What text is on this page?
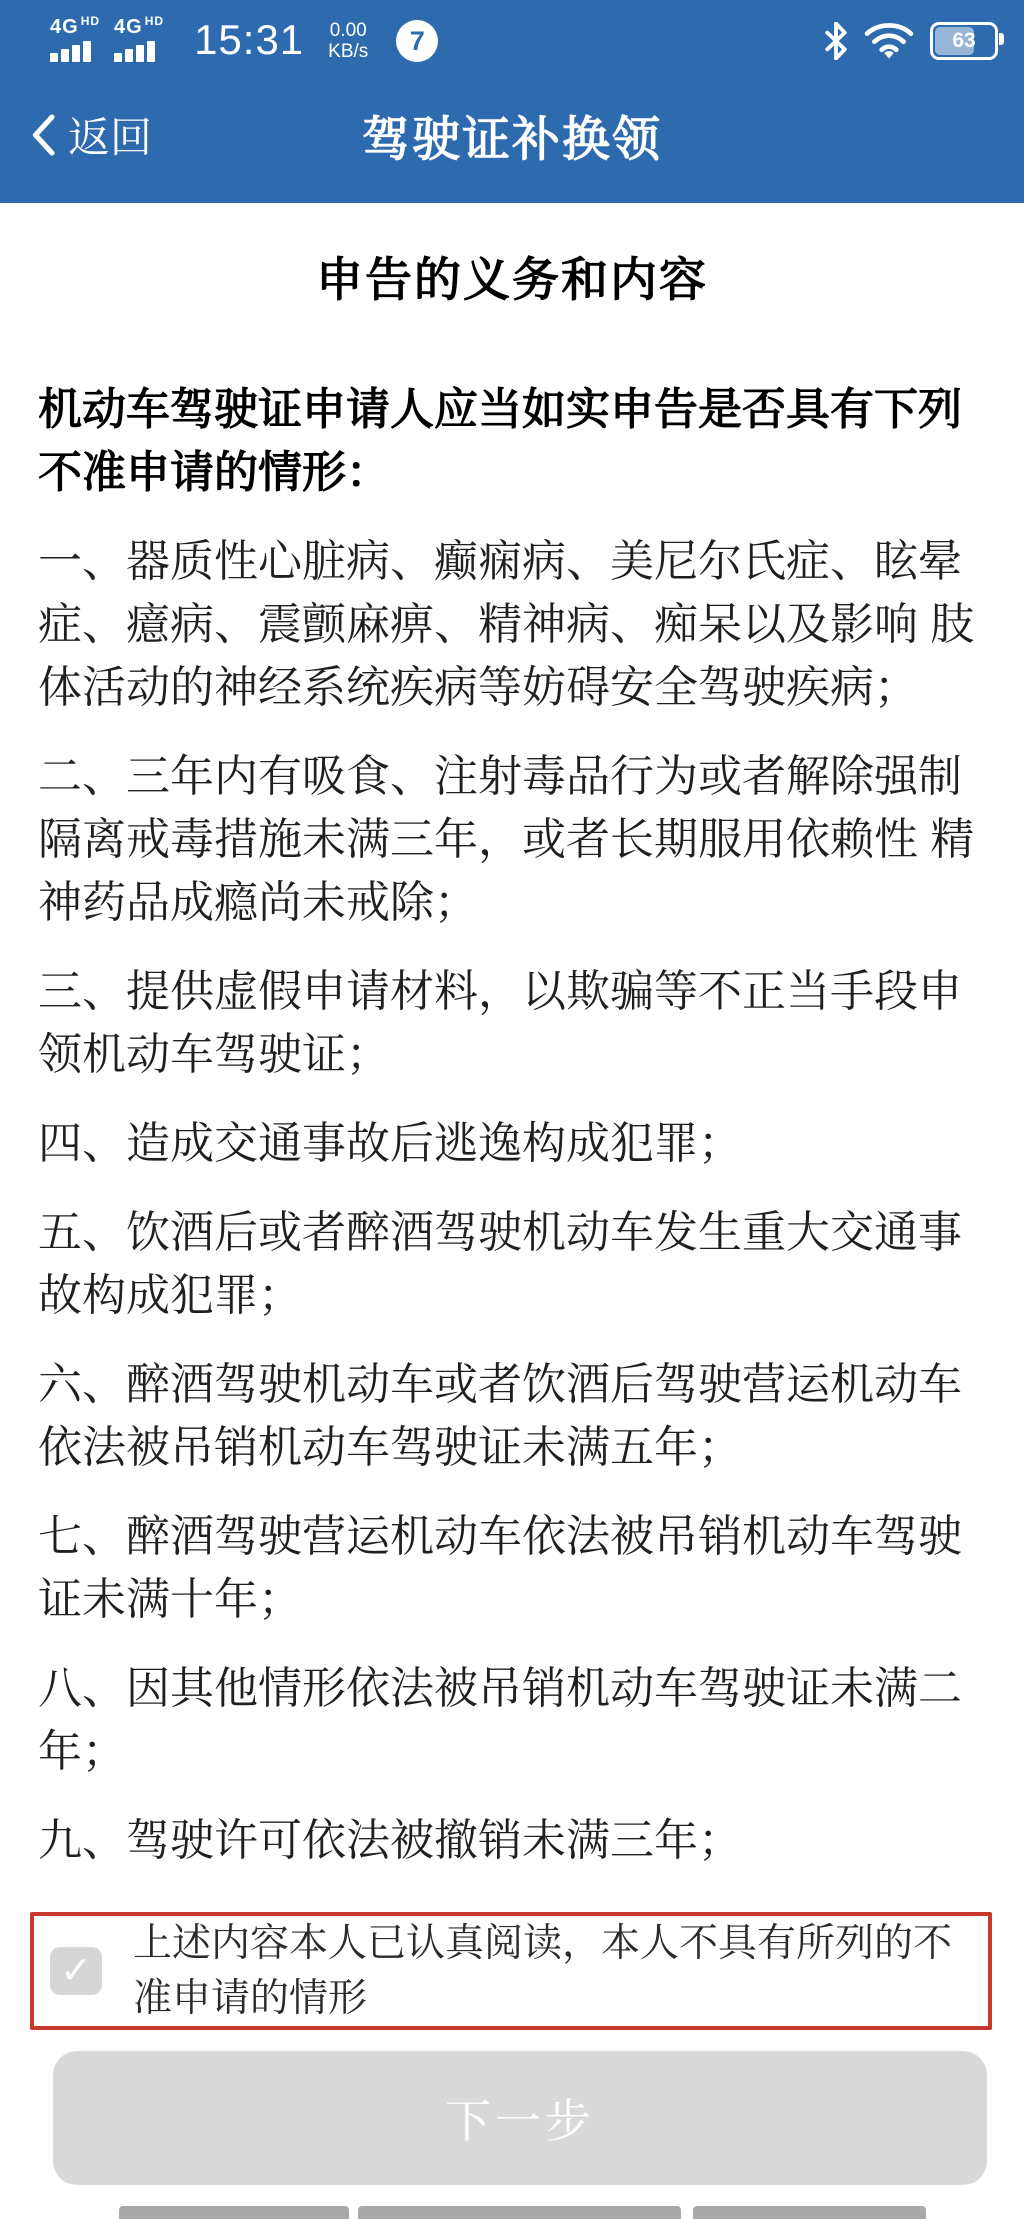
4G HD 4G HD 15:31 0.00
KB/s	7	63
返回	驾驶证补换领
申告的义务和内容

机动车驾驶证申请人应当如实申告是否具有下列不准申请的情形：

一、器质性心脏病、癫痫病、美尼尔氏症、眩晕症、癔病、震颤麻痹、精神病、痴呆以及影响 肢体活动的神经系统疾病等妨碍安全驾驶疾病；

二、三年内有吸食、注射毒品行为或者解除强制隔离戒毒措施未满三年，或者长期服用依赖性 精神药品成瘾尚未戒除；

三、提供虚假申请材料，以欺骗等不正当手段申领机动车驾驶证；

四、造成交通事故后逃逸构成犯罪；

五、饮酒后或者醉酒驾驶机动车发生重大交通事故构成犯罪；

六、醉酒驾驶机动车或者饮酒后驾驶营运机动车依法被吊销机动车驾驶证未满五年；

七、醉酒驾驶营运机动车依法被吊销机动车驾驶证未满十年；

八、因其他情形依法被吊销机动车驾驶证未满二年；

九、驾驶许可依法被撤销未满三年；

✓
上述内容本人已认真阅读，本人不具有所列的不准申请的情形
下一步
